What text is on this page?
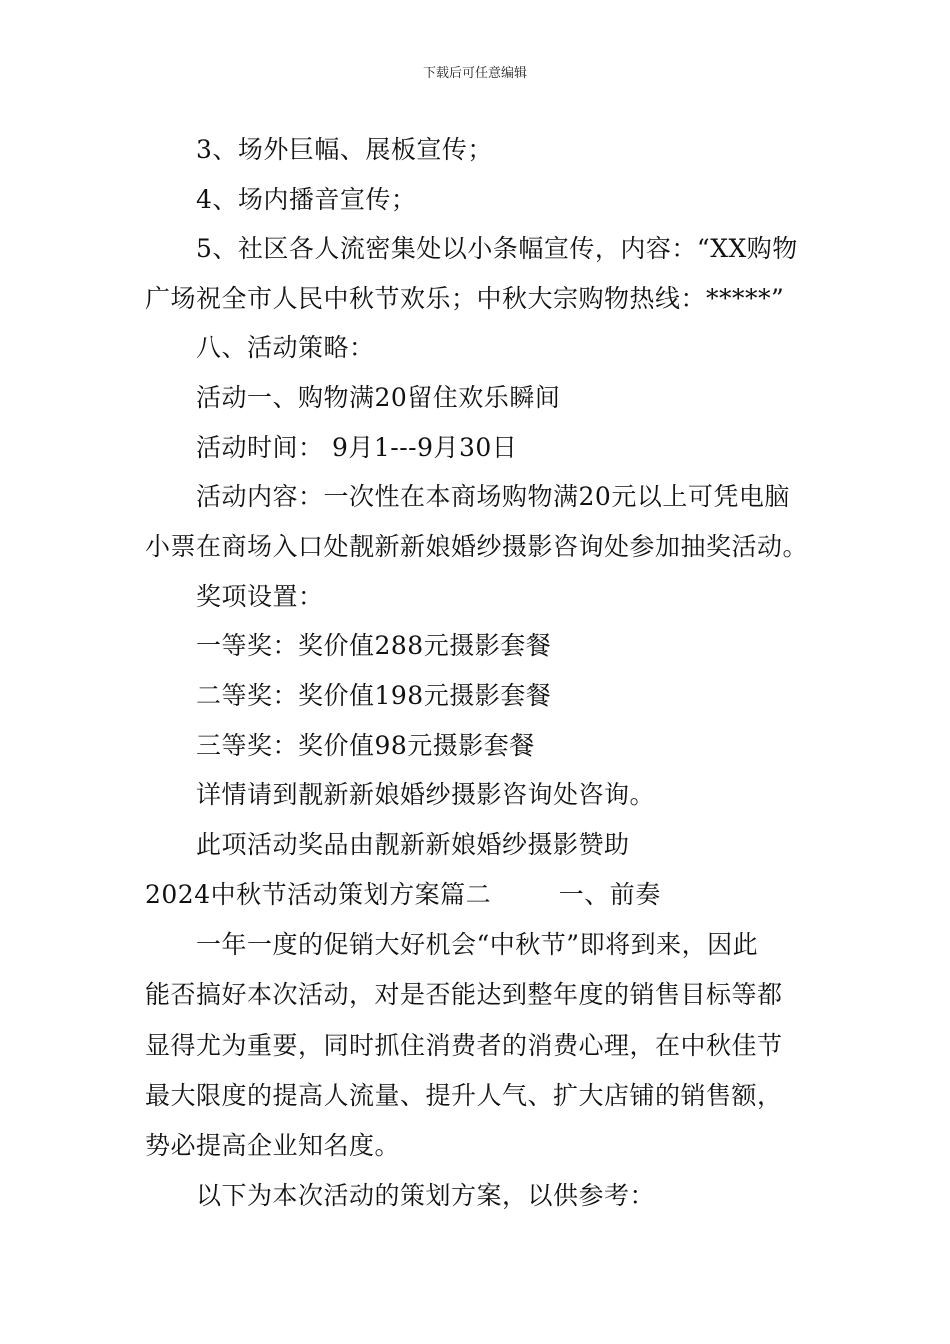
下载后可任意编辑
3、场外巨幅、展板宣传；
4、场内播音宣传；
5、社区各人流密集处以小条幅宣传，内容：“XX购物
广场祝全市人民中秋节欢乐；中秋大宗购物热线：*****”
八、活动策略：
活动一、购物满20留住欢乐瞬间
活动时间： 9月1---9月30日
活动内容：一次性在本商场购物满20元以上可凭电脑
小票在商场入口处靓新新娘婚纱摄影咨询处参加抽奖活动。
奖项设置：
一等奖：奖价值288元摄影套餐
二等奖：奖价值198元摄影套餐
三等奖：奖价值98元摄影套餐
详情请到靓新新娘婚纱摄影咨询处咨询。
此项活动奖品由靓新新娘婚纱摄影赞助
2024中秋节活动策划方案篇二        一、前奏
一年一度的促销大好机会“中秋节”即将到来，因此
能否搞好本次活动，对是否能达到整年度的销售目标等都
显得尤为重要，同时抓住消费者的消费心理，在中秋佳节
最大限度的提高人流量、提升人气、扩大店铺的销售额，
势必提高企业知名度。
以下为本次活动的策划方案，以供参考：
